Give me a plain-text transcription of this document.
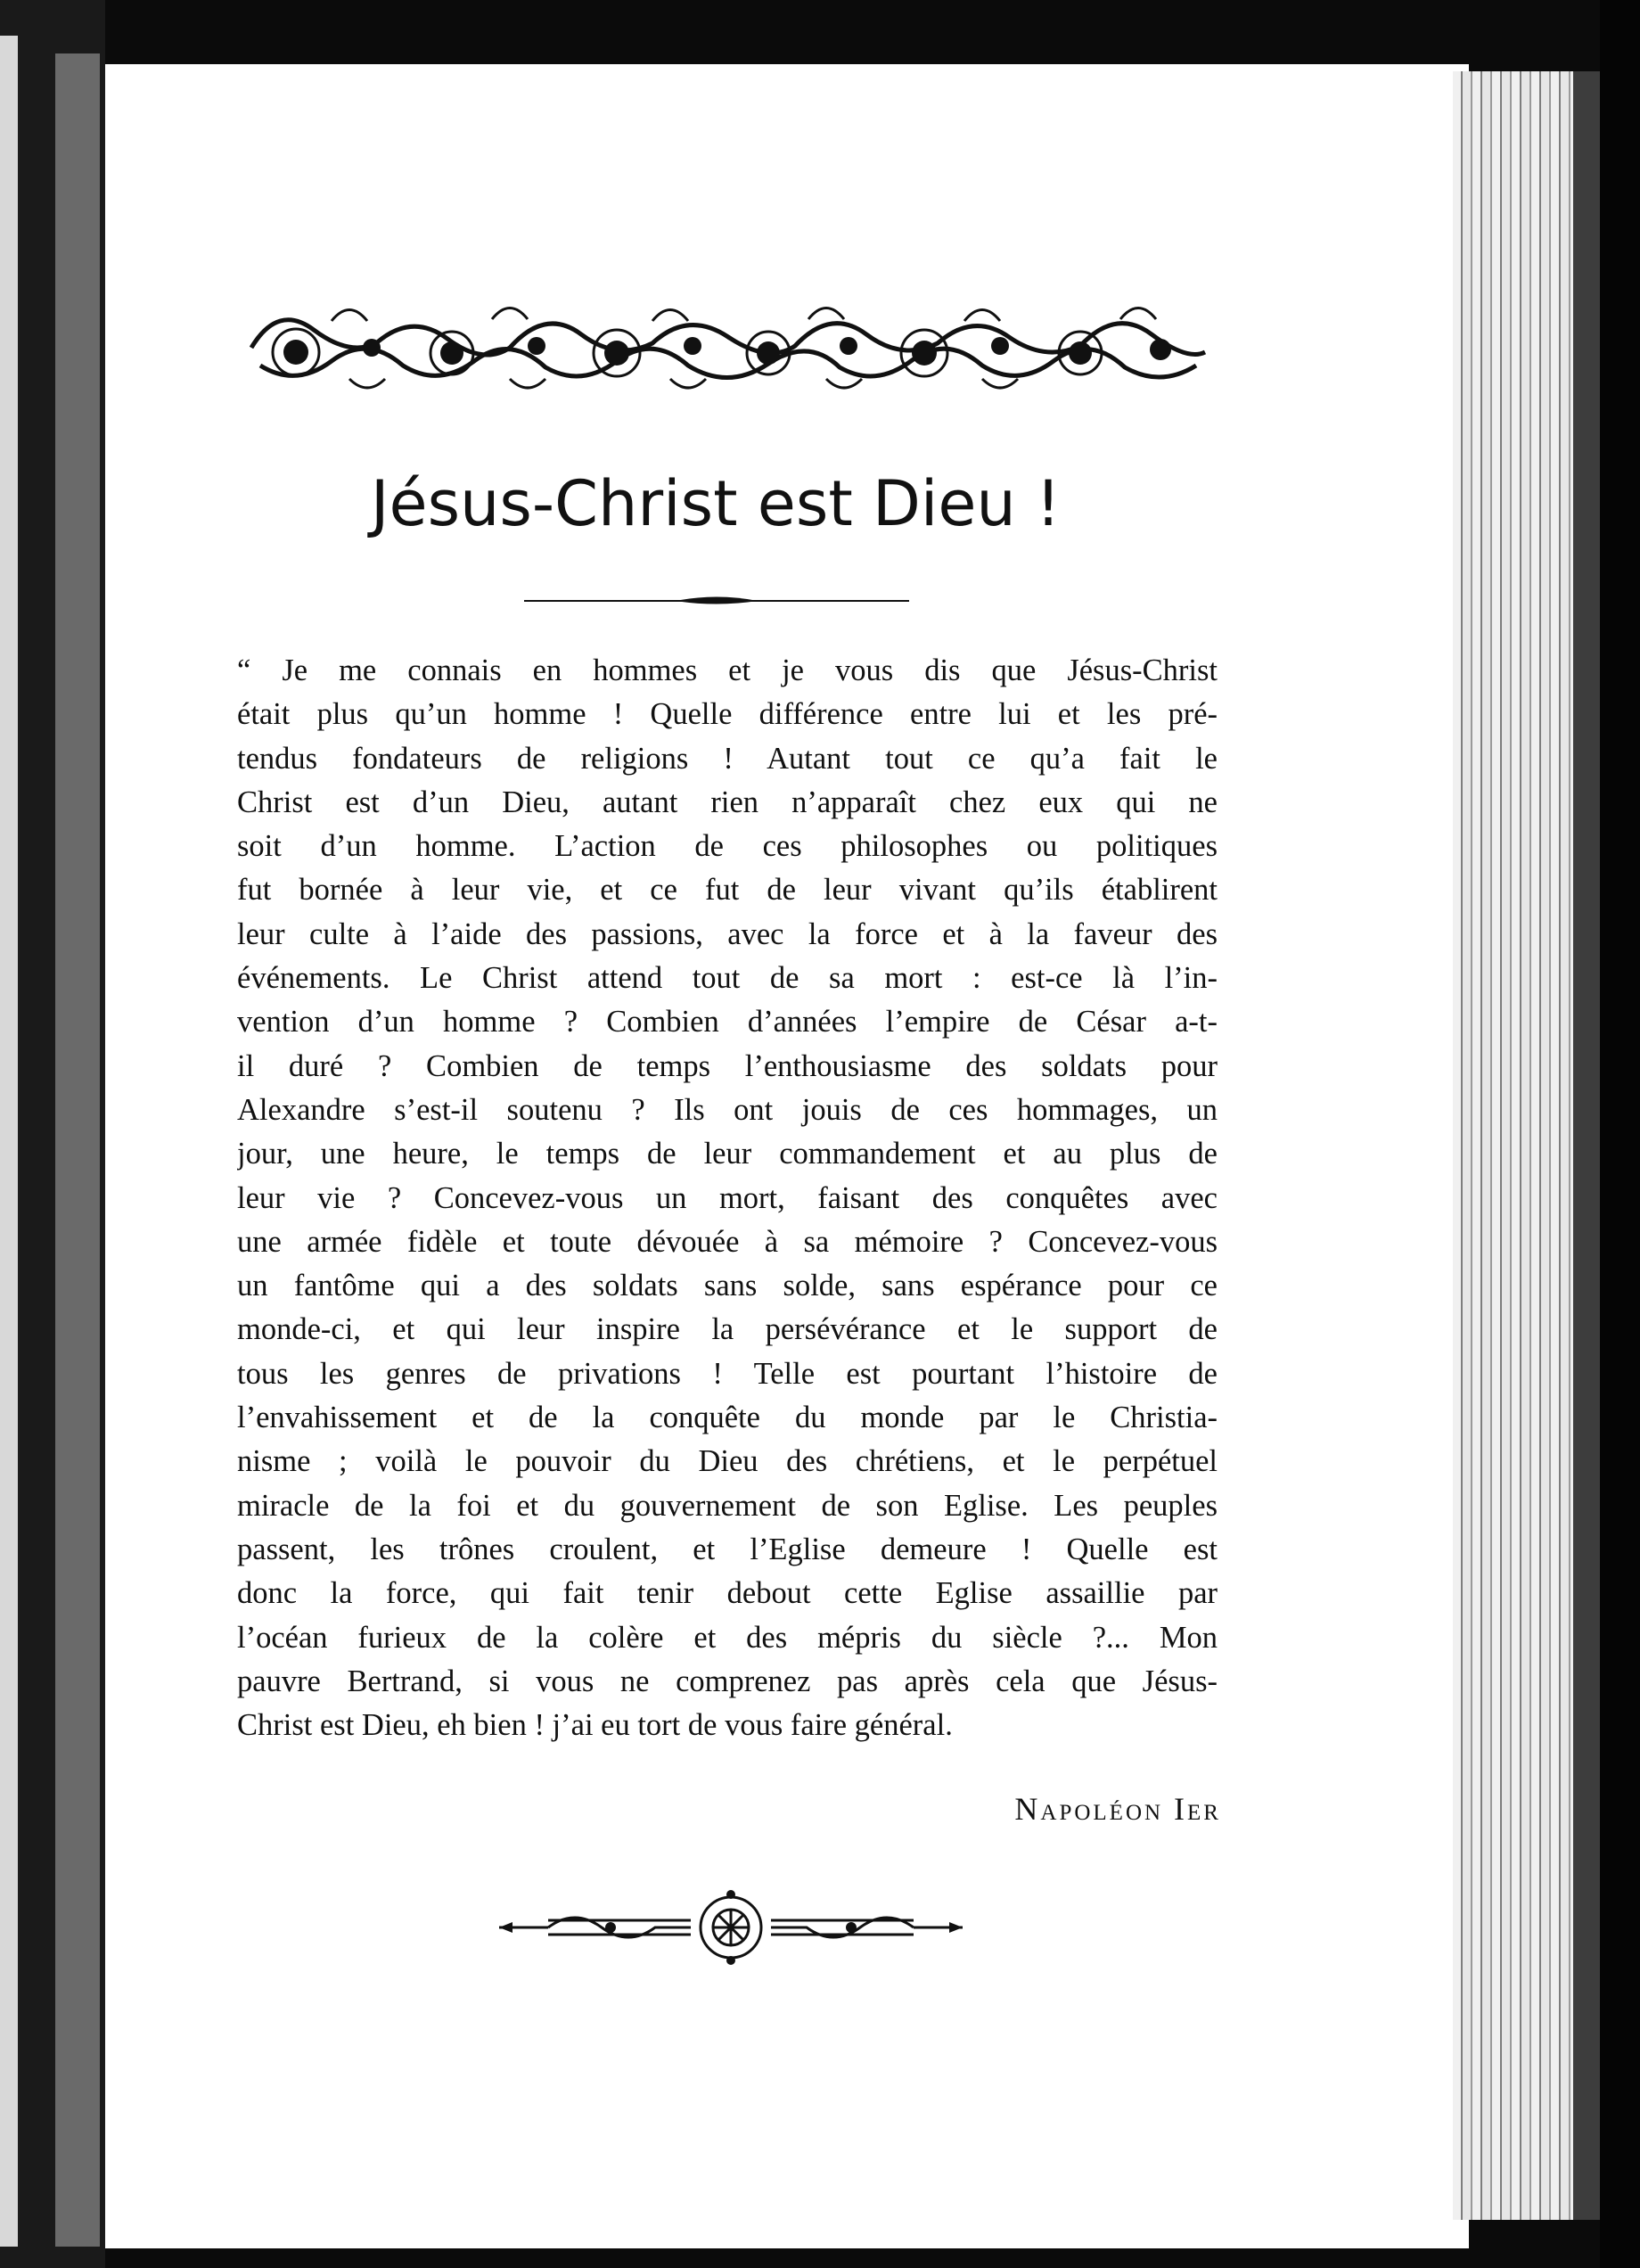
Jésus-Christ est Dieu !
“ Je me connais en hommes et je vous dis que Jésus-Christ
était plus qu’un homme ! Quelle différence entre lui et les pré-
tendus fondateurs de religions ! Autant tout ce qu’a fait le
Christ est d’un Dieu, autant rien n’apparaît chez eux qui ne
soit d’un homme. L’action de ces philosophes ou politiques
fut bornée à leur vie, et ce fut de leur vivant qu’ils établirent
leur culte à l’aide des passions, avec la force et à la faveur des
événements. Le Christ attend tout de sa mort : est-ce là l’in-
vention d’un homme ? Combien d’années l’empire de César a-t-
il duré ? Combien de temps l’enthousiasme des soldats pour
Alexandre s’est-il soutenu ? Ils ont jouis de ces hommages, un
jour, une heure, le temps de leur commandement et au plus de
leur vie ? Concevez-vous un mort, faisant des conquêtes avec
une armée fidèle et toute dévouée à sa mémoire ? Concevez-vous
un fantôme qui a des soldats sans solde, sans espérance pour ce
monde-ci, et qui leur inspire la persévérance et le support de
tous les genres de privations ! Telle est pourtant l’histoire de
l’envahissement et de la conquête du monde par le Christia-
nisme ; voilà le pouvoir du Dieu des chrétiens, et le perpétuel
miracle de la foi et du gouvernement de son Eglise. Les peuples
passent, les trônes croulent, et l’Eglise demeure ! Quelle est
donc la force, qui fait tenir debout cette Eglise assaillie par
l’océan furieux de la colère et des mépris du siècle ?... Mon
pauvre Bertrand, si vous ne comprenez pas après cela que Jésus-
Christ est Dieu, eh bien ! j’ai eu tort de vous faire général.
Napoléon Ier
